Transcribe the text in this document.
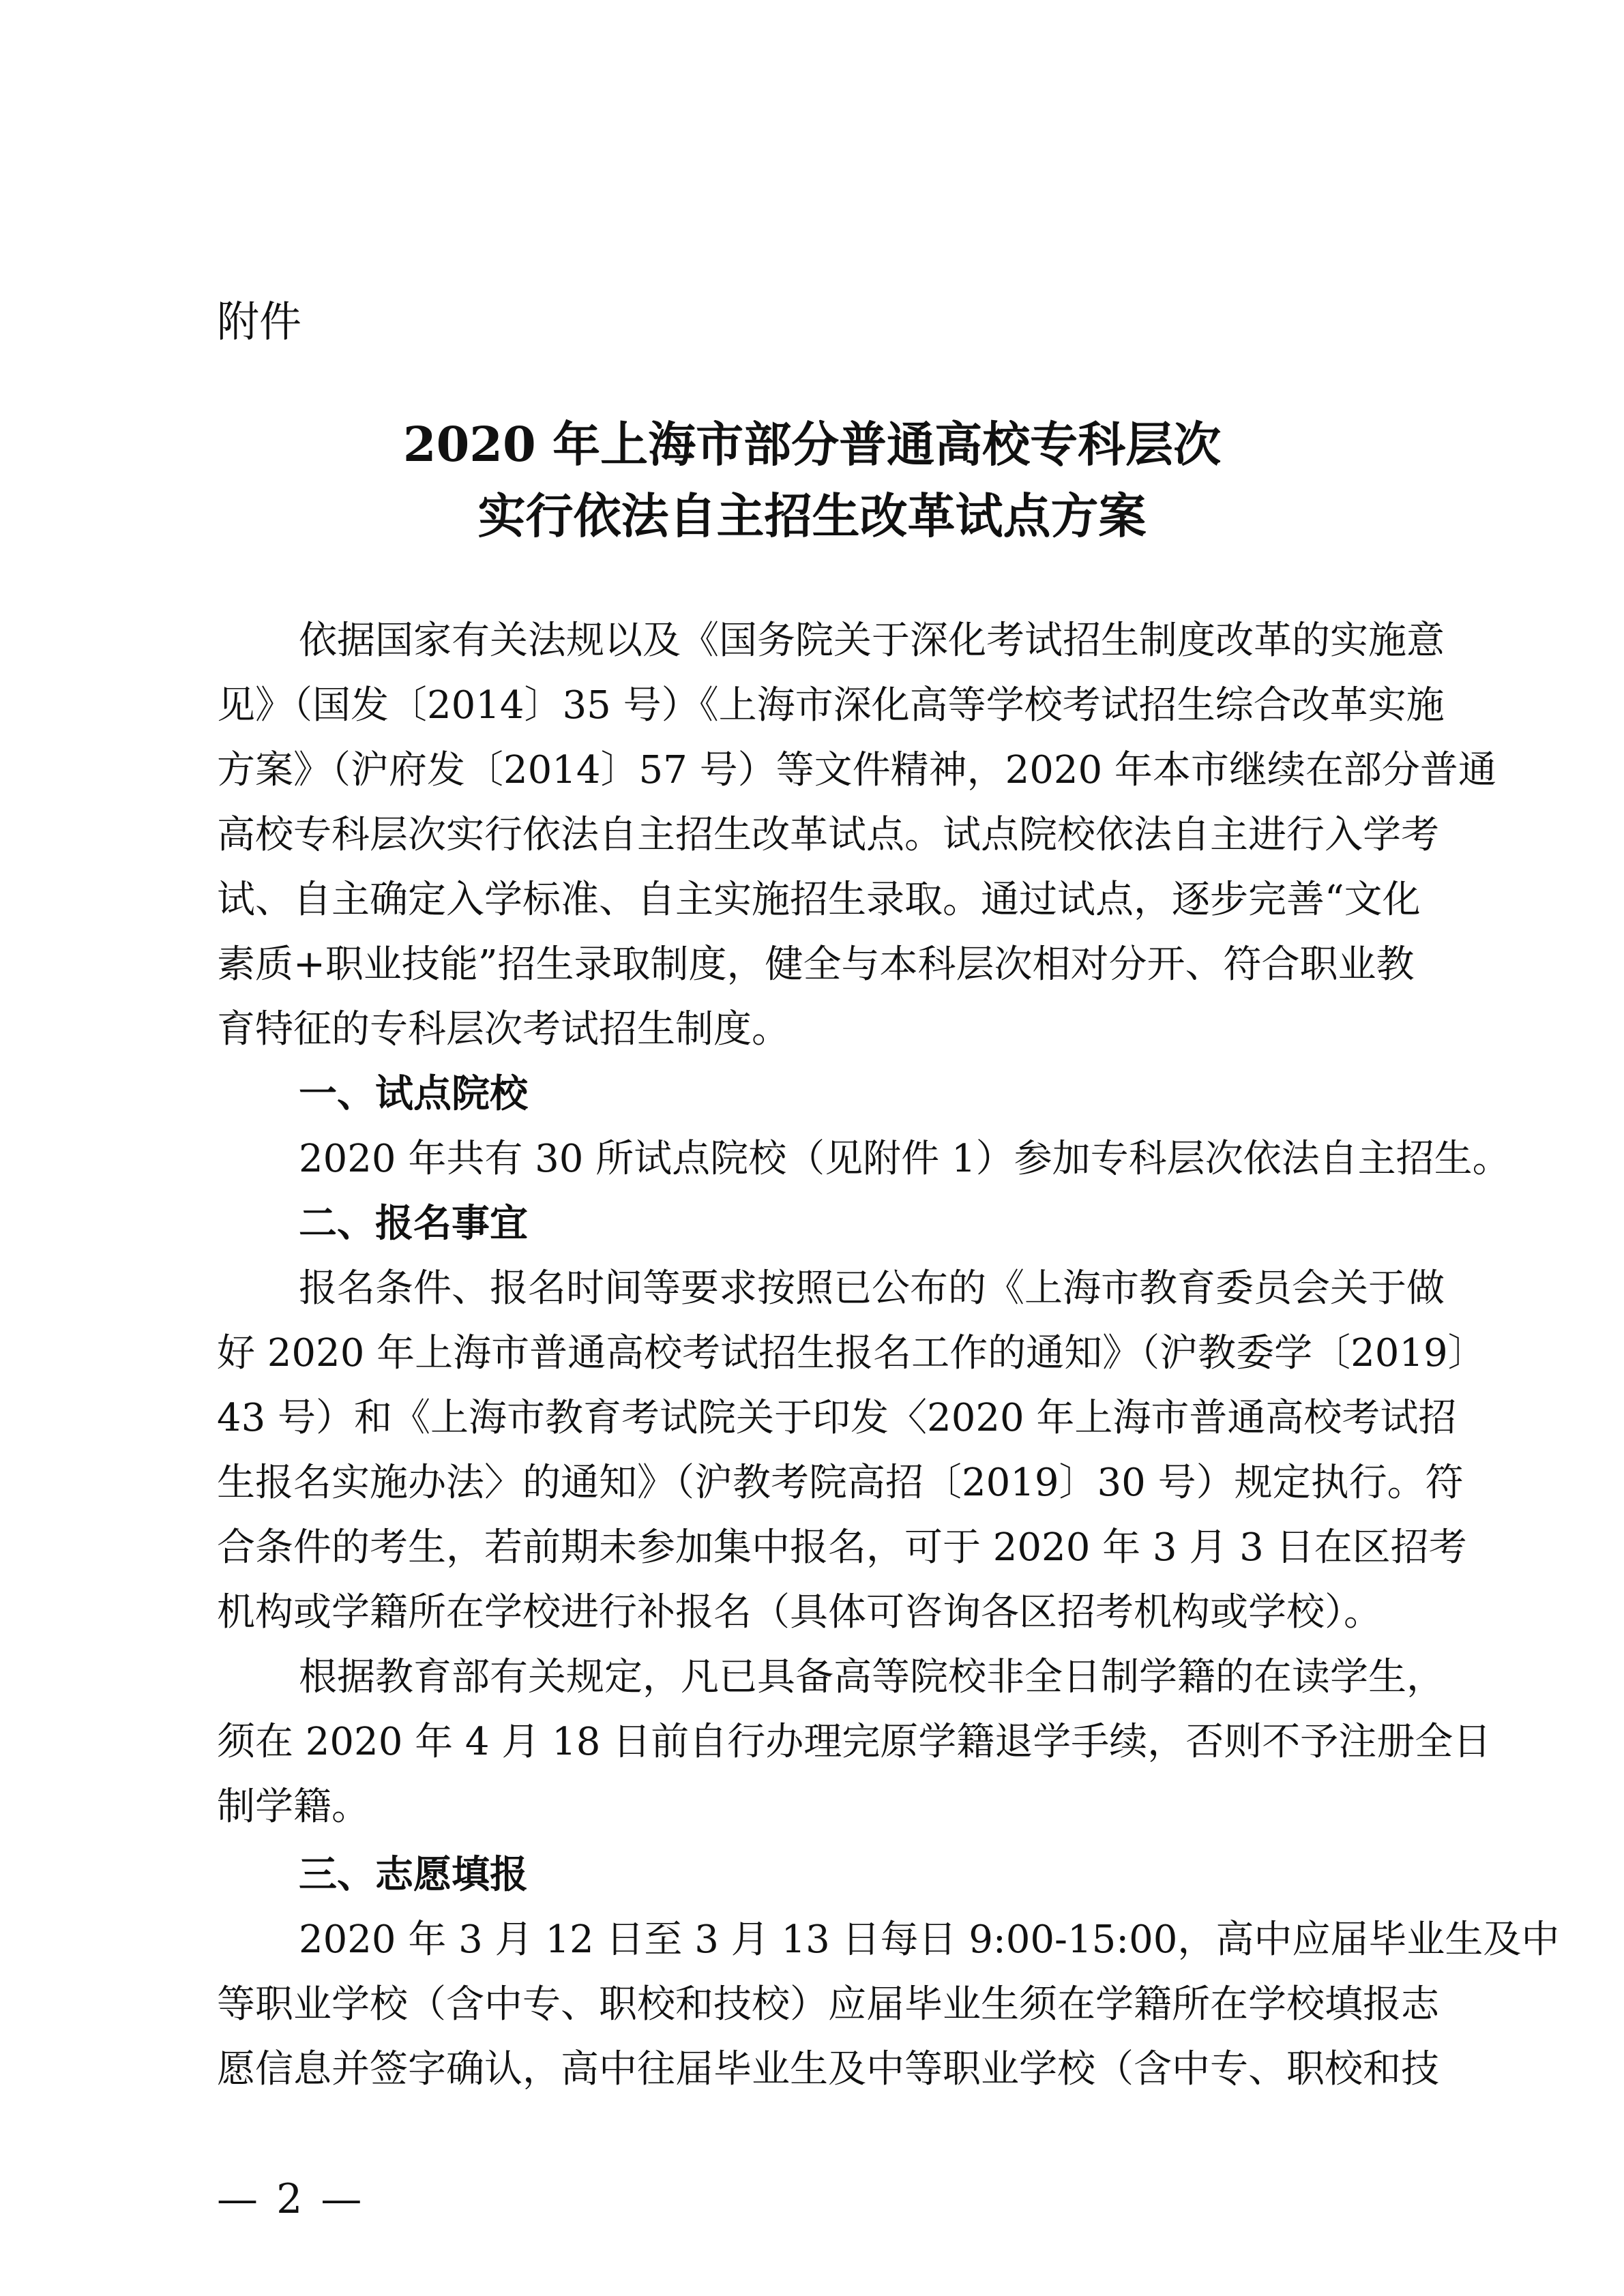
附件

2020 年上海市部分普通高校专科层次
实行依法自主招生改革试点方案

依据国家有关法规以及《国务院关于深化考试招生制度改革的实施意

见》（国发〔2014〕35 号）《上海市深化高等学校考试招生综合改革实施

方案》（沪府发〔2014〕57 号）等文件精神，2020 年本市继续在部分普通

高校专科层次实行依法自主招生改革试点。试点院校依法自主进行入学考

试、自主确定入学标准、自主实施招生录取。通过试点，逐步完善“文化

素质+职业技能”招生录取制度，健全与本科层次相对分开、符合职业教

育特征的专科层次考试招生制度。

一、试点院校

2020 年共有 30 所试点院校（见附件 1）参加专科层次依法自主招生。

二、报名事宜

报名条件、报名时间等要求按照已公布的《上海市教育委员会关于做

好 2020 年上海市普通高校考试招生报名工作的通知》（沪教委学〔2019〕

43 号）和《上海市教育考试院关于印发〈2020 年上海市普通高校考试招

生报名实施办法〉的通知》（沪教考院高招〔2019〕30 号）规定执行。符

合条件的考生，若前期未参加集中报名，可于 2020 年 3 月 3 日在区招考

机构或学籍所在学校进行补报名（具体可咨询各区招考机构或学校）。

根据教育部有关规定，凡已具备高等院校非全日制学籍的在读学生，

须在 2020 年 4 月 18 日前自行办理完原学籍退学手续，否则不予注册全日

制学籍。

三、志愿填报

2020 年 3 月 12 日至 3 月 13 日每日 9:00-15:00，高中应届毕业生及中

等职业学校（含中专、职校和技校）应届毕业生须在学籍所在学校填报志

愿信息并签字确认，高中往届毕业生及中等职业学校（含中专、职校和技

— 2 —
